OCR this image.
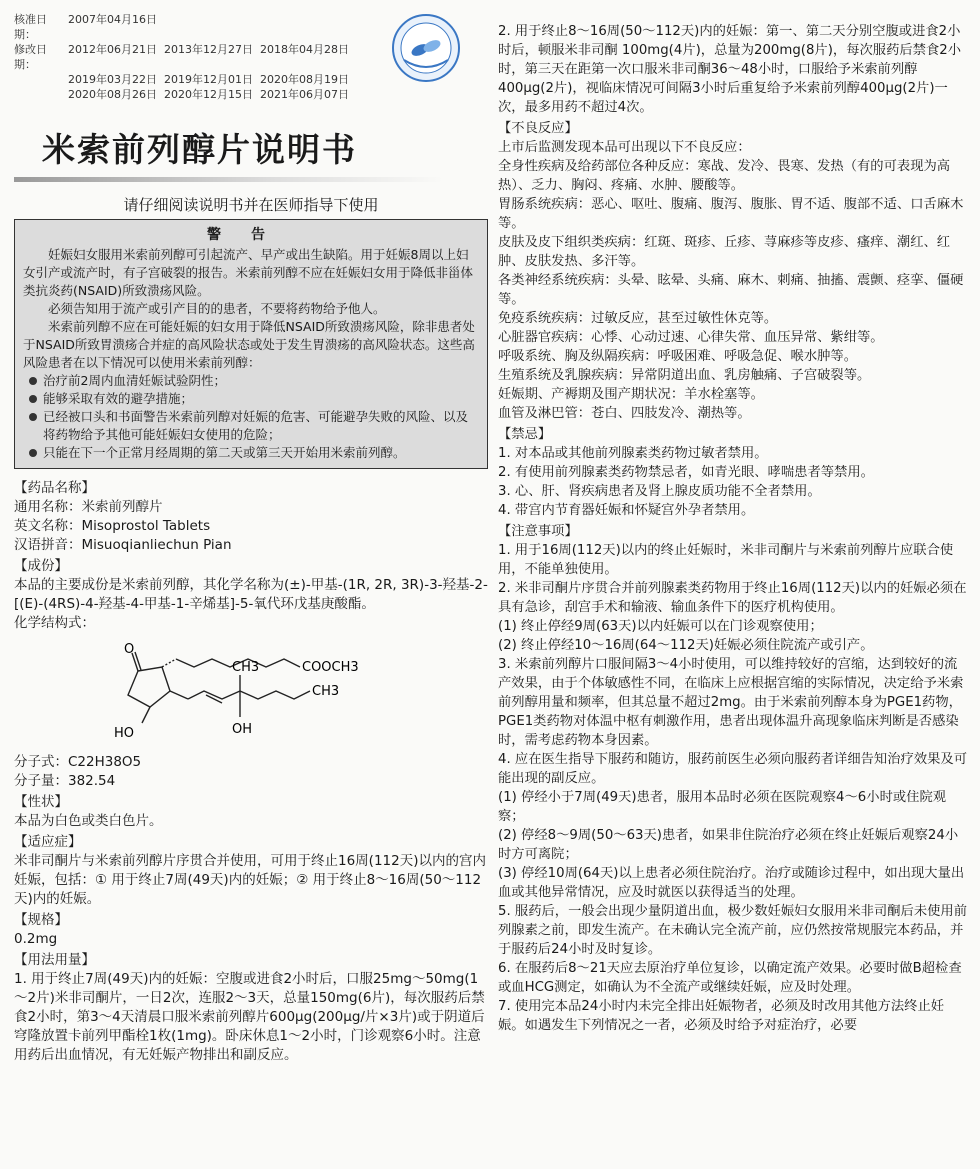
核准日期：
2007年04月16日
修改日期：
2012年06月21日 2013年12月27日 2018年04月28日
2019年03月22日 2019年12月01日 2020年08月19日
2020年08月26日 2020年12月15日 2021年06月07日
米索前列醇片说明书
请仔细阅读说明书并在医师指导下使用
警告

妊娠妇女服用米索前列醇可引起流产、早产或出生缺陷。用于妊娠8周以上妇女引产或流产时，有子宫破裂的报告。米索前列醇不应在妊娠妇女用于降低非甾体类抗炎药(NSAID)所致溃疡风险。

必须告知用于流产或引产目的的患者，不要将药物给予他人。

米索前列醇不应在可能妊娠的妇女用于降低NSAID所致溃疡风险，除非患者处于NSAID所致胃溃疡合并症的高风险状态或处于发生胃溃疡的高风险状态。这些高风险患者在以下情况可以使用米索前列醇：

治疗前2周内血清妊娠试验阴性；
能够采取有效的避孕措施；
已经被口头和书面警告米索前列醇对妊娠的危害、可能避孕失败的风险、以及将药物给予其他可能妊娠妇女使用的危险；
只能在下一个正常月经周期的第二天或第三天开始用米索前列醇。
【药品名称】

通用名称：米索前列醇片

英文名称：Misoprostol Tablets

汉语拼音：Misuoqianliechun Pian

【成份】

本品的主要成份是米索前列醇，其化学名称为(±)-甲基-(1R, 2R, 3R)-3-羟基-2-[(E)-(4RS)-4-羟基-4-甲基-1-辛烯基]-5-氧代环戊基庚酸酯。

化学结构式：

O
COOCH3
CH3
CH3
HO	OH

分子式：C22H38O5

分子量：382.54

【性状】

本品为白色或类白色片。

【适应症】

米非司酮片与米索前列醇片序贯合并使用，可用于终止16周(112天)以内的宫内妊娠，包括：① 用于终止7周(49天)内的妊娠；② 用于终止8～16周(50～112天)内的妊娠。

【规格】

0.2mg

【用法用量】

1. 用于终止7周(49天)内的妊娠：空腹或进食2小时后，口服25mg～50mg(1～2片)米非司酮片，一日2次，连服2～3天，总量150mg(6片)，每次服药后禁食2小时，第3～4天清晨口服米索前列醇片600μg(200μg/片×3片)或于阴道后穹隆放置卡前列甲酯栓1枚(1mg)。卧床休息1～2小时，门诊观察6小时。注意用药后出血情况，有无妊娠产物排出和副反应。

2. 用于终止8～16周(50～112天)内的妊娠：第一、第二天分别空腹或进食2小时后，顿服米非司酮 100mg(4片)，总量为200mg(8片)，每次服药后禁食2小时，第三天在距第一次口服米非司酮36～48小时，口服给予米索前列醇400μg(2片)，视临床情况可间隔3小时后重复给予米索前列醇400μg(2片)一次，最多用药不超过4次。

【不良反应】

上市后监测发现本品可出现以下不良反应：

全身性疾病及给药部位各种反应：寒战、发冷、畏寒、发热（有的可表现为高热）、乏力、胸闷、疼痛、水肿、腰酸等。

胃肠系统疾病：恶心、呕吐、腹痛、腹泻、腹胀、胃不适、腹部不适、口舌麻木等。

皮肤及皮下组织类疾病：红斑、斑疹、丘疹、荨麻疹等皮疹、瘙痒、潮红、红肿、皮肤发热、多汗等。

各类神经系统疾病：头晕、眩晕、头痛、麻木、刺痛、抽搐、震颤、痉挛、僵硬等。

免疫系统疾病：过敏反应，甚至过敏性休克等。

心脏器官疾病：心悸、心动过速、心律失常、血压异常、紫绀等。

呼吸系统、胸及纵隔疾病：呼吸困难、呼吸急促、喉水肿等。

生殖系统及乳腺疾病：异常阴道出血、乳房触痛、子宫破裂等。

妊娠期、产褥期及围产期状况：羊水栓塞等。

血管及淋巴管：苍白、四肢发冷、潮热等。

【禁忌】

1. 对本品或其他前列腺素类药物过敏者禁用。

2. 有使用前列腺素类药物禁忌者，如青光眼、哮喘患者等禁用。

3. 心、肝、肾疾病患者及肾上腺皮质功能不全者禁用。

4. 带宫内节育器妊娠和怀疑宫外孕者禁用。

【注意事项】

1. 用于16周(112天)以内的终止妊娠时，米非司酮片与米索前列醇片应联合使用，不能单独使用。

2. 米非司酮片序贯合并前列腺素类药物用于终止16周(112天)以内的妊娠必须在具有急诊，刮宫手术和输液、输血条件下的医疗机构使用。

(1) 终止停经9周(63天)以内妊娠可以在门诊观察使用；

(2) 终止停经10～16周(64～112天)妊娠必须住院流产或引产。

3. 米索前列醇片口服间隔3～4小时使用，可以维持较好的宫缩，达到较好的流产效果，由于个体敏感性不同，在临床上应根据宫缩的实际情况，决定给予米索前列醇用量和频率，但其总量不超过2mg。由于米索前列醇本身为PGE1药物，PGE1类药物对体温中枢有刺激作用，患者出现体温升高现象临床判断是否感染时，需考虑药物本身因素。

4. 应在医生指导下服药和随访，服药前医生必须向服药者详细告知治疗效果及可能出现的副反应。

(1) 停经小于7周(49天)患者，服用本品时必须在医院观察4～6小时或住院观察；

(2) 停经8～9周(50～63天)患者，如果非住院治疗必须在终止妊娠后观察24小时方可离院；

(3) 停经10周(64天)以上患者必须住院治疗。治疗或随诊过程中，如出现大量出血或其他异常情况，应及时就医以获得适当的处理。

5. 服药后，一般会出现少量阴道出血，极少数妊娠妇女服用米非司酮后未使用前列腺素之前，即发生流产。在未确认完全流产前，应仍然按常规服完本药品，并于服药后24小时及时复诊。

6. 在服药后8～21天应去原治疗单位复诊，以确定流产效果。必要时做B超检查或血HCG测定，如确认为不全流产或继续妊娠，应及时处理。

7. 使用完本品24小时内未完全排出妊娠物者，必须及时改用其他方法终止妊娠。如遇发生下列情况之一者，必须及时给予对症治疗，必要
